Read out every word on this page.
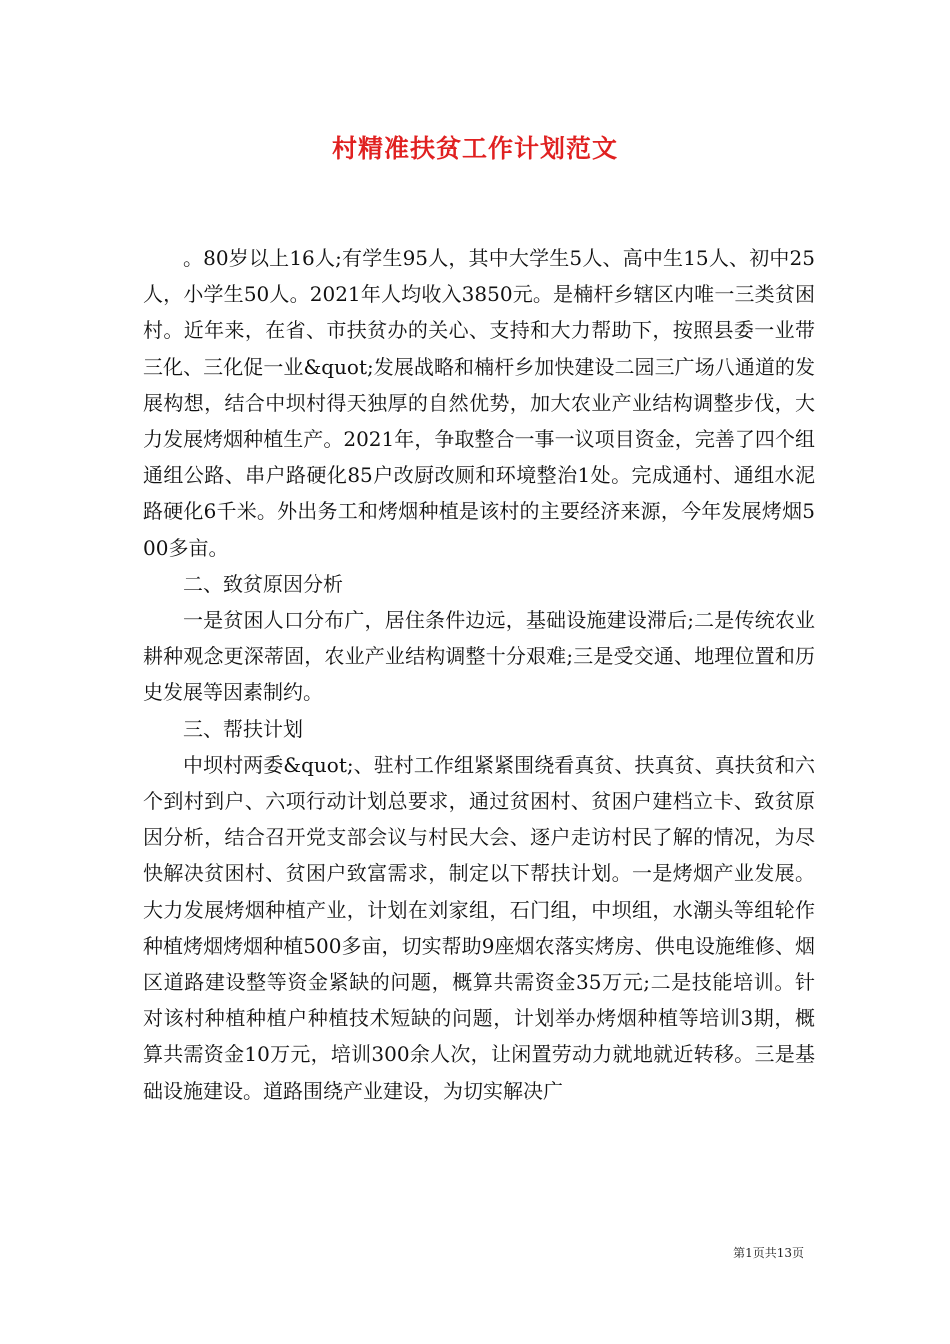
村精准扶贫工作计划范文

。80岁以上16人;有学生95人，其中大学生5人、高中生15人、初中25人，小学生50人。2021年人均收入3850元。是楠杆乡辖区内唯一三类贫困村。近年来，在省、市扶贫办的关心、支持和大力帮助下，按照县委一业带三化、三化促一业&quot;发展战略和楠杆乡加快建设二园三广场八通道的发展构想，结合中坝村得天独厚的自然优势，加大农业产业结构调整步伐，大力发展烤烟种植生产。2021年，争取整合一事一议项目资金，完善了四个组通组公路、串户路硬化85户改厨改厕和环境整治1处。完成通村、通组水泥路硬化6千米。外出务工和烤烟种植是该村的主要经济来源，今年发展烤烟500多亩。

二、致贫原因分析

一是贫困人口分布广，居住条件边远，基础设施建设滞后;二是传统农业耕种观念更深蒂固，农业产业结构调整十分艰难;三是受交通、地理位置和历史发展等因素制约。

三、帮扶计划

中坝村两委&quot;、驻村工作组紧紧围绕看真贫、扶真贫、真扶贫和六个到村到户、六项行动计划总要求，通过贫困村、贫困户建档立卡、致贫原因分析，结合召开党支部会议与村民大会、逐户走访村民了解的情况，为尽快解决贫困村、贫困户致富需求，制定以下帮扶计划。一是烤烟产业发展。大力发展烤烟种植产业，计划在刘家组，石门组，中坝组，水潮头等组轮作种植烤烟烤烟种植500多亩，切实帮助9座烟农落实烤房、供电设施维修、烟区道路建设整等资金紧缺的问题，概算共需资金35万元;二是技能培训。针对该村种植种植户种植技术短缺的问题，计划举办烤烟种植等培训3期，概算共需资金10万元，培训300余人次，让闲置劳动力就地就近转移。三是基础设施建设。道路围绕产业建设，为切实解决广

第1页共13页
